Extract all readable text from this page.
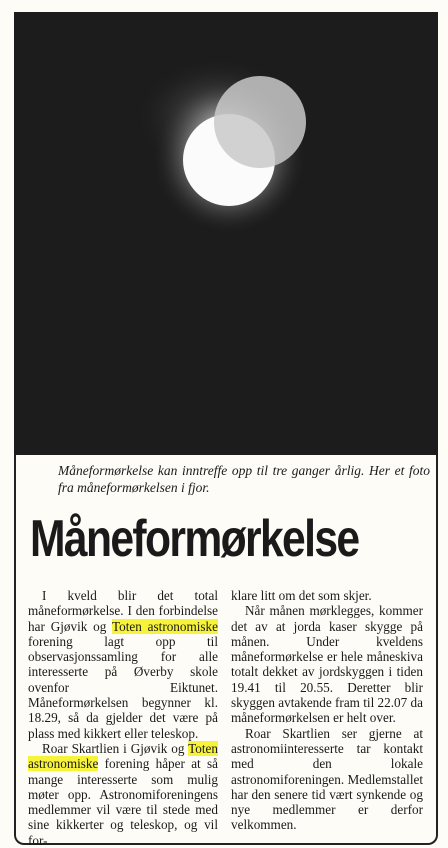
Måneformørkelse kan inntreffe opp til tre ganger årlig. Her et foto fra måneformørkelsen i fjor.
Måneformørkelse

I kveld blir det total måneformørkelse. I den forbindelse har Gjøvik og Toten astronomiske forening lagt opp til observasjonssamling for alle interesserte på Øverby skole ovenfor Eiktunet. Måneformørkelsen begynner kl. 18.29, så da gjelder det være på plass med kikkert eller teleskop.

Roar Skartlien i Gjøvik og Toten astronomiske forening håper at så mange interesserte som mulig møter opp. Astronomiforeningens medlemmer vil være til stede med sine kikkerter og teleskop, og vil for-

klare litt om det som skjer.

Når månen mørklegges, kommer det av at jorda kaser skygge på månen. Under kveldens måneformørkelse er hele måneskiva totalt dekket av jordskyggen i tiden 19.41 til 20.55. Deretter blir skyggen avtakende fram til 22.07 da måneformørkelsen er helt over.

Roar Skartlien ser gjerne at astronomiinteresserte tar kontakt med den lokale astronomiforeningen. Medlemstallet har den senere tid vært synkende og nye medlemmer er derfor velkommen.
